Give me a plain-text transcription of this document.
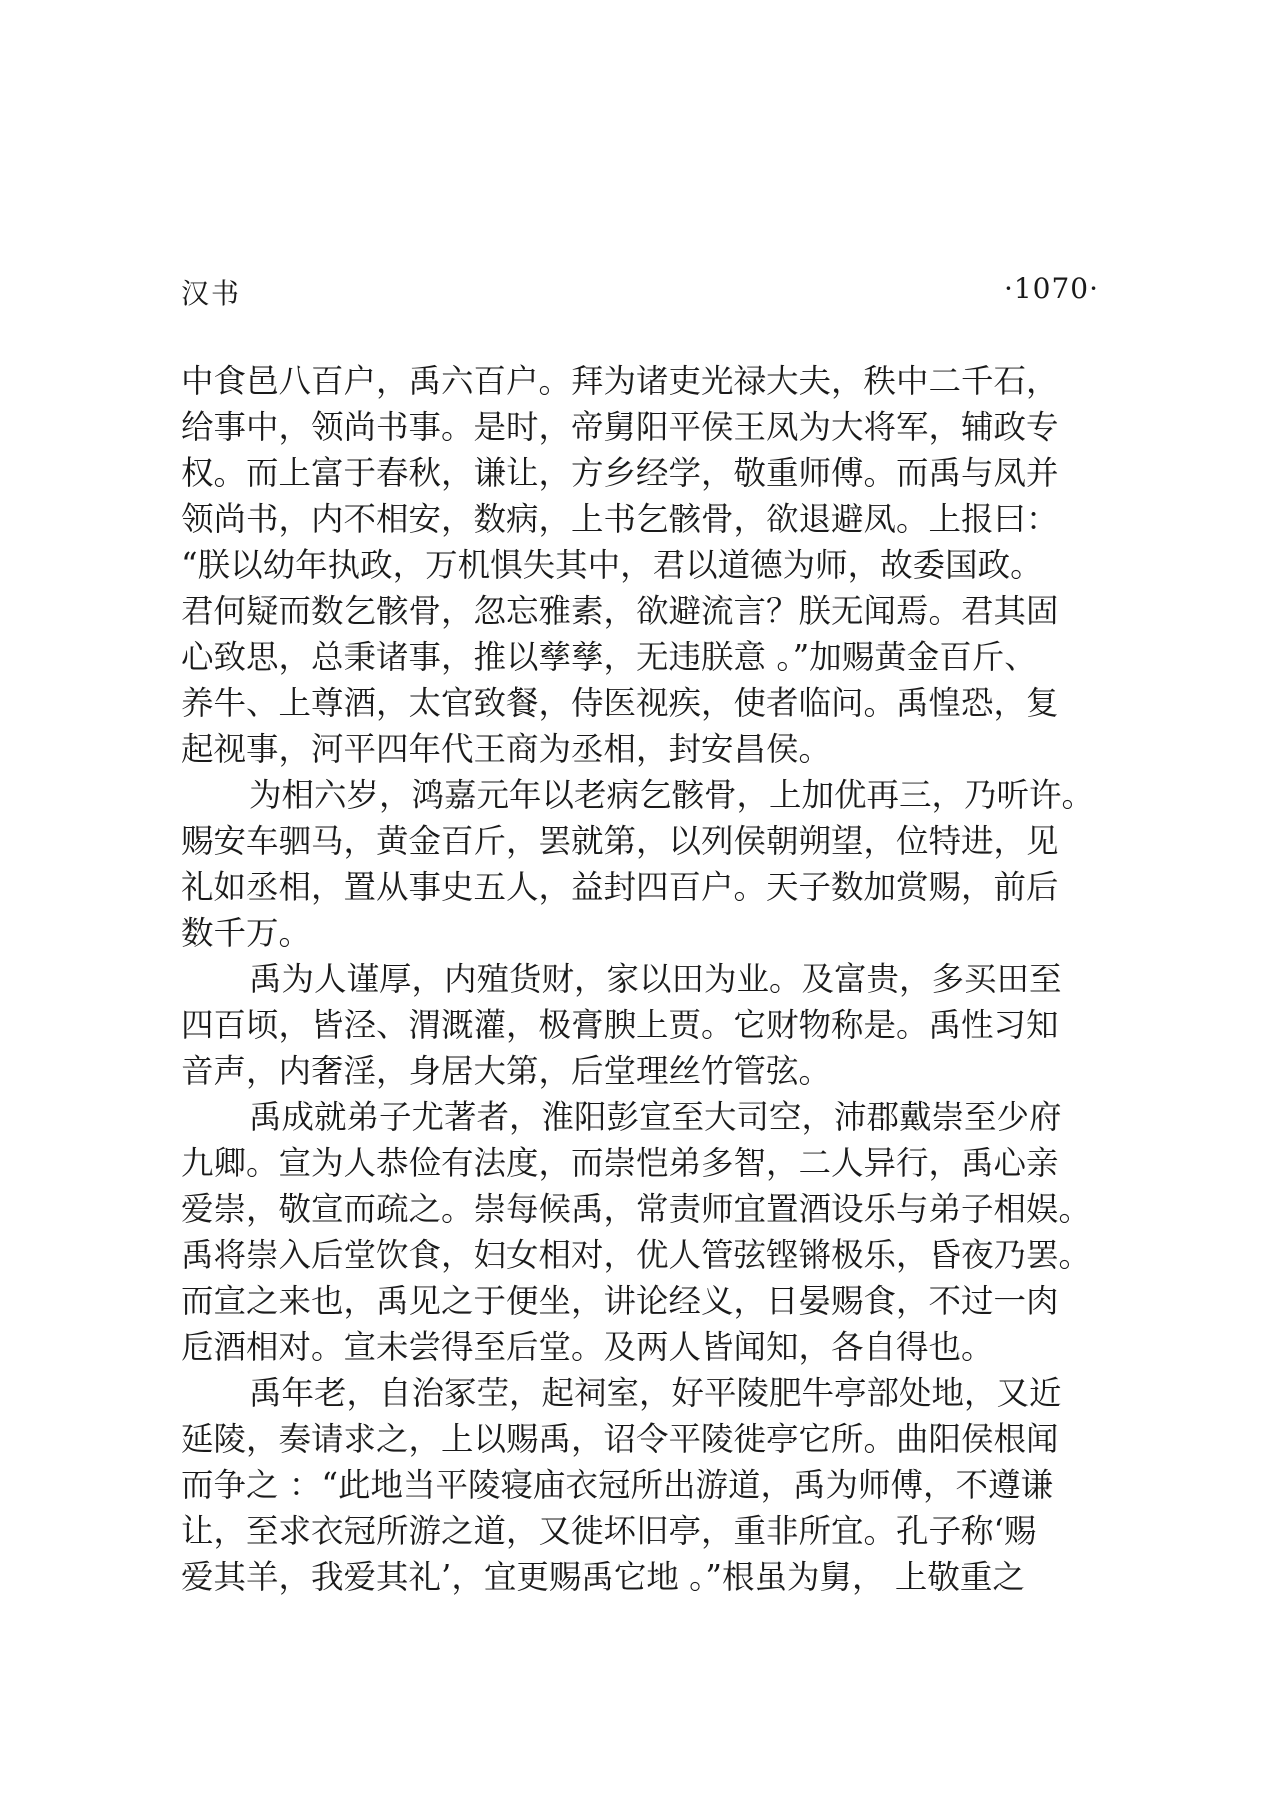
汉书	·1070·
中食邑八百户，禹六百户。拜为诸吏光禄大夫，秩中二千石，
给事中，领尚书事。是时，帝舅阳平侯王凤为大将军，辅政专
权。而上富于春秋，谦让，方乡经学，敬重师傅。而禹与凤并
领尚书，内不相安，数病，上书乞骸骨，欲退避凤。上报曰：
“朕以幼年执政，万机惧失其中，君以道德为师，故委国政。
君何疑而数乞骸骨，忽忘雅素，欲避流言？朕无闻焉。君其固
心致思，总秉诸事，推以孳孳，无违朕意 。”加赐黄金百斤、
养牛、上尊酒，太官致餐，侍医视疾，使者临问。禹惶恐，复
起视事，河平四年代王商为丞相，封安昌侯。
为相六岁，鸿嘉元年以老病乞骸骨，上加优再三，乃听许。
赐安车驷马，黄金百斤，罢就第，以列侯朝朔望，位特进，见
礼如丞相，置从事史五人，益封四百户。天子数加赏赐，前后
数千万。
禹为人谨厚，内殖货财，家以田为业。及富贵，多买田至
四百顷，皆泾、渭溉灌，极膏腴上贾。它财物称是。禹性习知
音声，内奢淫，身居大第，后堂理丝竹管弦。
禹成就弟子尤著者，淮阳彭宣至大司空，沛郡戴崇至少府
九卿。宣为人恭俭有法度，而崇恺弟多智，二人异行，禹心亲
爱崇，敬宣而疏之。崇每候禹，常责师宜置酒设乐与弟子相娱。
禹将崇入后堂饮食，妇女相对，优人管弦铿锵极乐，昏夜乃罢。
而宣之来也，禹见之于便坐，讲论经义，日晏赐食，不过一肉
卮酒相对。宣未尝得至后堂。及两人皆闻知，各自得也。
禹年老，自治冢茔，起祠室，好平陵肥牛亭部处地，又近
延陵，奏请求之，上以赐禹，诏令平陵徙亭它所。曲阳侯根闻
而争之 ：“此地当平陵寝庙衣冠所出游道，禹为师傅，不遵谦
让，至求衣冠所游之道，又徙坏旧亭，重非所宜。孔子称‘赐
爱其羊，我爱其礼’，宜更赐禹它地 。”根虽为舅， 上敬重之
